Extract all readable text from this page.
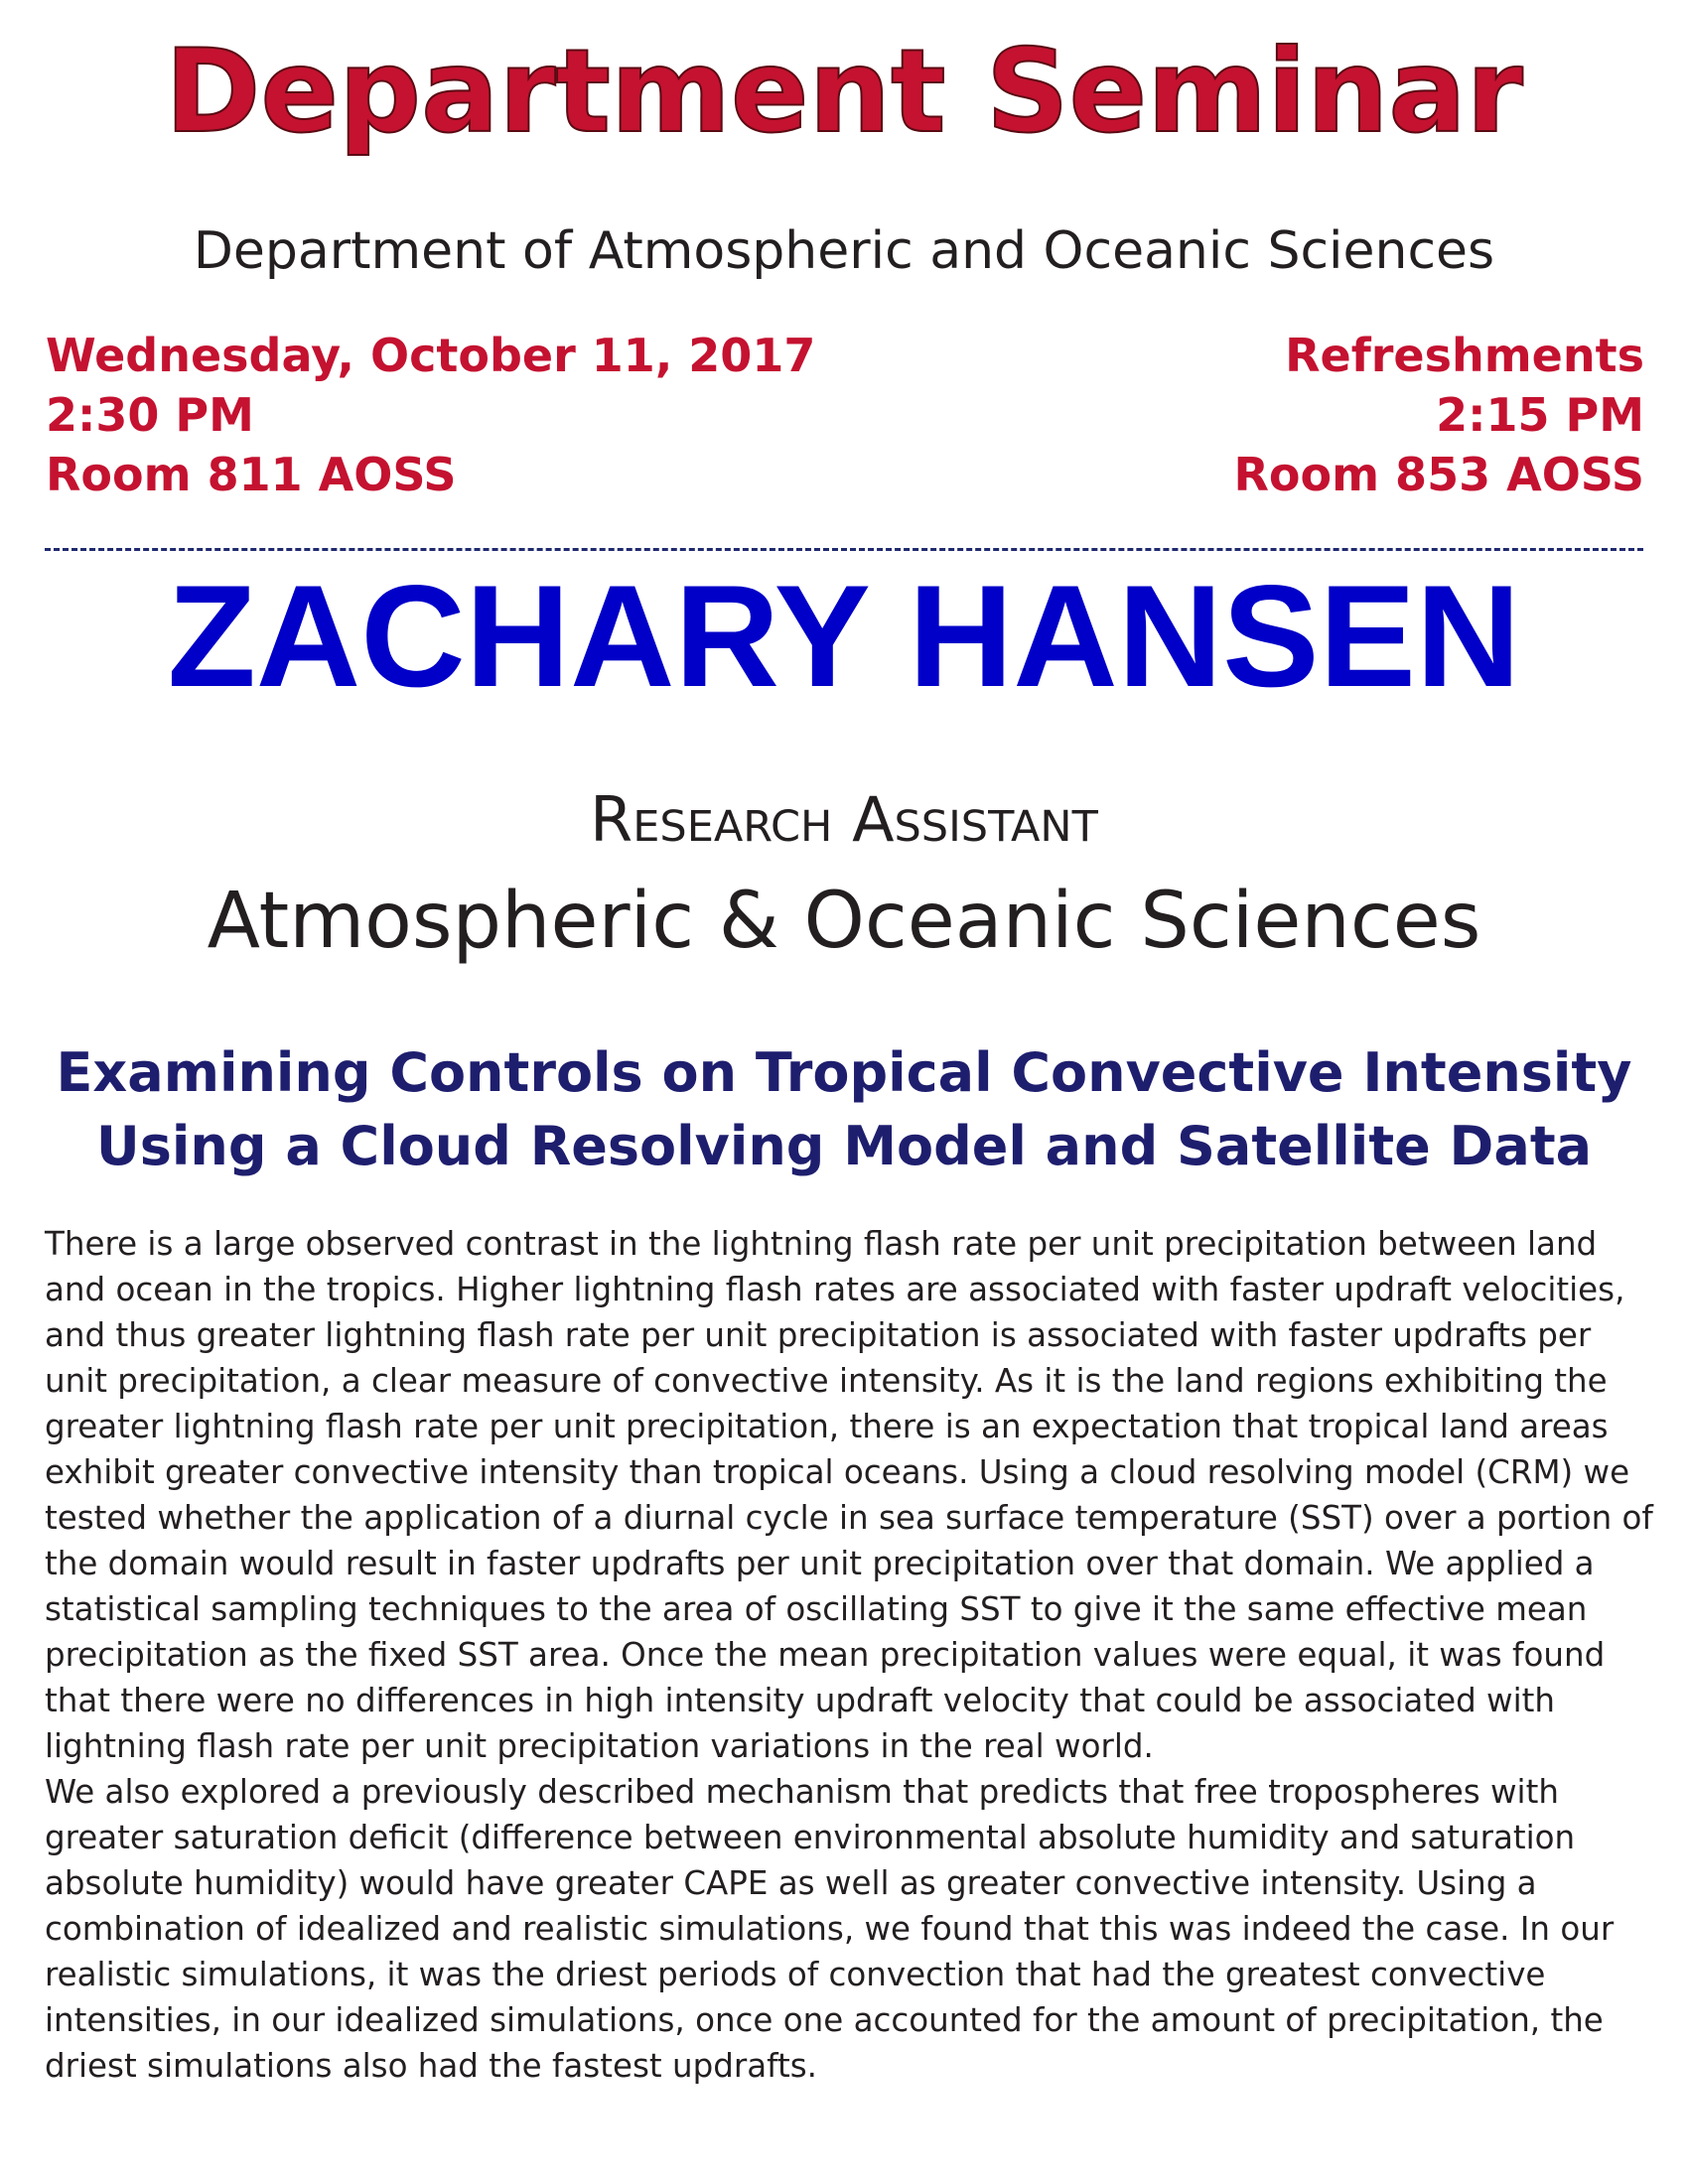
Department Seminar
Department of Atmospheric and Oceanic Sciences
Wednesday, October 11, 2017
2:30 PM
Room 811 AOSS
Refreshments
2:15 PM
Room 853 AOSS
ZACHARY HANSEN
Research Assistant
Atmospheric & Oceanic Sciences
Examining Controls on Tropical Convective Intensity
Using a Cloud Resolving Model and Satellite Data

There is a large observed contrast in the lightning flash rate per unit precipitation between land and ocean in the tropics. Higher lightning flash rates are associated with faster updraft velocities, and thus greater lightning flash rate per unit precipitation is associated with faster updrafts per unit precipitation, a clear measure of convective intensity. As it is the land regions exhibiting the greater lightning flash rate per unit precipitation, there is an expectation that tropical land areas exhibit greater convective intensity than tropical oceans. Using a cloud resolving model (CRM) we tested whether the application of a diurnal cycle in sea surface temperature (SST) over a portion of the domain would result in faster updrafts per unit precipitation over that domain. We applied a statistical sampling techniques to the area of oscillating SST to give it the same effective mean precipitation as the fixed SST area. Once the mean precipitation values were equal, it was found that there were no differences in high intensity updraft velocity that could be associated with lightning flash rate per unit precipitation variations in the real world.

We also explored a previously described mechanism that predicts that free tropospheres with greater saturation deficit (difference between environmental absolute humidity and saturation absolute humidity) would have greater CAPE as well as greater convective intensity. Using a combination of idealized and realistic simulations, we found that this was indeed the case. In our realistic simulations, it was the driest periods of convection that had the greatest convective intensities, in our idealized simulations, once one accounted for the amount of precipitation, the driest simulations also had the fastest updrafts.
